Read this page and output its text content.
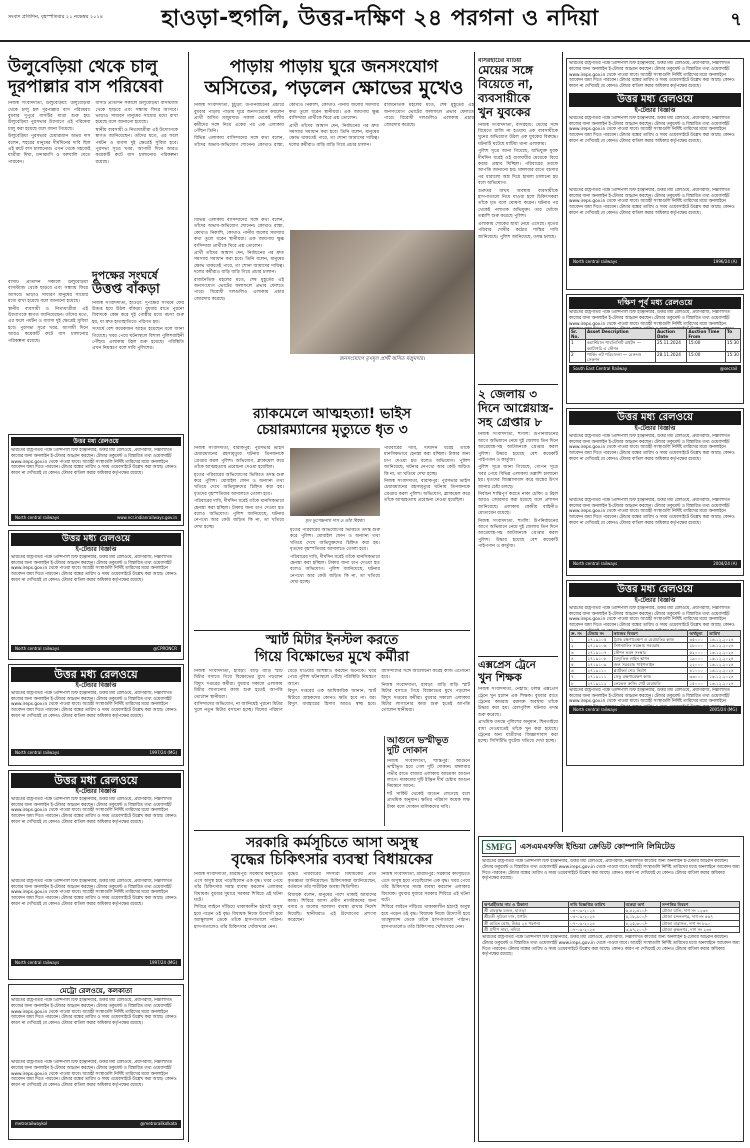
সংবাদ প্রতিদিন, বৃহস্পতিবার ২১ নভেম্বর ২০২৪	হাওড়া-হুগলি, উত্তর-দক্ষিণ ২৪ পরগনা ও নদিয়া	৭
উলুবেড়িয়া থেকে চালু
দূরপাল্লার বাস পরিষেবা
নিজস্ব সংবাদদাতা, উলুবেড়িয়া: উলুবেড়িয়া থেকে চালু হল দূরপাল্লার বাস পরিষেবা। বুধবার দুপুরে বাসটির যাত্রা শুরু হয়। উলুবেড়িয়া পুরসভার উদ্যোগে এই পরিষেবা চালু করা হয়েছে বলে জানা গিয়েছে।
উলুবেড়িয়া পুরসভার চেয়ারম্যান অভয় দাস বলেন, শহরের মানুষের দীর্ঘদিনের দাবি ছিল এই রুটে বাস চালানোর। এখন থেকে সহজেই যাত্রীরা দিঘা, মন্দারমণি ও বকখালি যেতে পারবেন।
বাসটি প্রতিদিন সকালে উলুবেড়িয়া বাসস্ট্যান্ড থেকে ছাড়বে এবং সন্ধ্যায় ফিরে আসবে। ভাড়াও সাধারণ মানুষের সাধ্যের মধ্যে রাখা হয়েছে বলে জানানো হয়েছে।
স্থানীয় ব্যবসায়ী ও নিত্যযাত্রীরা এই উদ্যোগকে স্বাগত জানিয়েছেন। তাঁদের মতে, এর ফলে পর্যটন ও ব্যবসা দুই ক্ষেত্রেই সুবিধা হবে। পুরসভা সূত্রে খবর, আগামী দিনে আরও কয়েকটি রুটে বাস চালানোর পরিকল্পনা রয়েছে।
দুপক্ষের সংঘর্ষে
উত্তপ্ত বাঁকড়া
নিজস্ব সংবাদদাতা, হাওড়া: দুপক্ষের সংঘর্ষে ফের উত্তপ্ত হয়ে উঠল বাঁকড়া। বুধবার রাতে পুরনো বিবাদকে কেন্দ্র করে দুই গোষ্ঠীর মধ্যে বচসা শুরু হয়, যা দ্রুত হাতাহাতিতে পরিণত হয়।
সংঘর্ষে বেশ কয়েকজন আহত হয়েছেন বলে জানা গিয়েছে। খবর পেয়ে ঘটনাস্থলে বিশাল পুলিশবাহিনী পৌঁছয়। এলাকায় টহল শুরু হয়েছে। পরিস্থিতি এখন নিয়ন্ত্রণে বলে দাবি পুলিশের।
বাসটি প্রতিদিন সকালে উলুবেড়িয়া বাসস্ট্যান্ড থেকে ছাড়বে এবং সন্ধ্যায় ফিরে আসবে। ভাড়াও সাধারণ মানুষের সাধ্যের মধ্যে রাখা হয়েছে বলে জানানো হয়েছে।
স্থানীয় ব্যবসায়ী ও নিত্যযাত্রীরা এই উদ্যোগকে স্বাগত জানিয়েছেন। তাঁদের মতে, এর ফলে পর্যটন ও ব্যবসা দুই ক্ষেত্রেই সুবিধা হবে। পুরসভা সূত্রে খবর, আগামী দিনে আরও কয়েকটি রুটে বাস চালানোর পরিকল্পনা রয়েছে।
উত্তর মধ্য রেলওয়ে
ভারতের রাষ্ট্রপতির পক্ষে প্রিন্সিপাল চিফ ইঞ্জিনিয়ার, উত্তর মধ্য রেলওয়ে, প্রয়াগরাজ, নিম্নলিখিত কাজের জন্য অনলাইন ই-টেন্ডার আহ্বান করছেন। টেন্ডার ডকুমেন্ট ও বিস্তারিত তথ্য ওয়েবসাইট www.ireps.gov.in থেকে পাওয়া যাবে। আগ্রহী সংস্থাগুলি নির্দিষ্ট তারিখের মধ্যে অনলাইনে আবেদন জমা দিতে পারবেন। টেন্ডার বন্ধের তারিখ ও সময় ওয়েবসাইটে উল্লেখ করা আছে। কোনও কারণ না দেখিয়েই যে কোনও টেন্ডার বাতিল করার অধিকার কর্তৃপক্ষের রয়েছে।
North central railways	www.ncr.indianrailways.gov.in
উত্তর মধ্য রেলওয়ে
ই-টেন্ডার বিজ্ঞপ্তি
ভারতের রাষ্ট্রপতির পক্ষে প্রিন্সিপাল চিফ ইঞ্জিনিয়ার, উত্তর মধ্য রেলওয়ে, প্রয়াগরাজ, নিম্নলিখিত কাজের জন্য অনলাইন ই-টেন্ডার আহ্বান করছেন। টেন্ডার ডকুমেন্ট ও বিস্তারিত তথ্য ওয়েবসাইট www.ireps.gov.in থেকে পাওয়া যাবে। আগ্রহী সংস্থাগুলি নির্দিষ্ট তারিখের মধ্যে অনলাইনে আবেদন জমা দিতে পারবেন। টেন্ডার বন্ধের তারিখ ও সময় ওয়েবসাইটে উল্লেখ করা আছে। কোনও কারণ না দেখিয়েই যে কোনও টেন্ডার বাতিল করার অধিকার কর্তৃপক্ষের রয়েছে।
North central railways	@CPRONCR
উত্তর মধ্য রেলওয়ে
ই-টেন্ডার বিজ্ঞপ্তি
ভারতের রাষ্ট্রপতির পক্ষে প্রিন্সিপাল চিফ ইঞ্জিনিয়ার, উত্তর মধ্য রেলওয়ে, প্রয়াগরাজ, নিম্নলিখিত কাজের জন্য অনলাইন ই-টেন্ডার আহ্বান করছেন। টেন্ডার ডকুমেন্ট ও বিস্তারিত তথ্য ওয়েবসাইট www.ireps.gov.in থেকে পাওয়া যাবে। আগ্রহী সংস্থাগুলি নির্দিষ্ট তারিখের মধ্যে অনলাইনে আবেদন জমা দিতে পারবেন। টেন্ডার বন্ধের তারিখ ও সময় ওয়েবসাইটে উল্লেখ করা আছে। কোনও কারণ না দেখিয়েই যে কোনও টেন্ডার বাতিল করার অধিকার কর্তৃপক্ষের রয়েছে।
North central railways	1997/24 (MG)
উত্তর মধ্য রেলওয়ে
ই-টেন্ডার বিজ্ঞপ্তি
ভারতের রাষ্ট্রপতির পক্ষে প্রিন্সিপাল চিফ ইঞ্জিনিয়ার, উত্তর মধ্য রেলওয়ে, প্রয়াগরাজ, নিম্নলিখিত কাজের জন্য অনলাইন ই-টেন্ডার আহ্বান করছেন। টেন্ডার ডকুমেন্ট ও বিস্তারিত তথ্য ওয়েবসাইট www.ireps.gov.in থেকে পাওয়া যাবে। আগ্রহী সংস্থাগুলি নির্দিষ্ট তারিখের মধ্যে অনলাইনে আবেদন জমা দিতে পারবেন। টেন্ডার বন্ধের তারিখ ও সময় ওয়েবসাইটে উল্লেখ করা আছে। কোনও কারণ না দেখিয়েই যে কোনও টেন্ডার বাতিল করার অধিকার কর্তৃপক্ষের রয়েছে।
ভারতের রাষ্ট্রপতির পক্ষে প্রিন্সিপাল চিফ ইঞ্জিনিয়ার, উত্তর মধ্য রেলওয়ে, প্রয়াগরাজ, নিম্নলিখিত কাজের জন্য অনলাইন ই-টেন্ডার আহ্বান করছেন। টেন্ডার ডকুমেন্ট ও বিস্তারিত তথ্য ওয়েবসাইট www.ireps.gov.in থেকে পাওয়া যাবে। আগ্রহী সংস্থাগুলি নির্দিষ্ট তারিখের মধ্যে অনলাইনে আবেদন জমা দিতে পারবেন। টেন্ডার বন্ধের তারিখ ও সময় ওয়েবসাইটে উল্লেখ করা আছে। কোনও কারণ না দেখিয়েই যে কোনও টেন্ডার বাতিল করার অধিকার কর্তৃপক্ষের রয়েছে।
North central railways	1997/24 (MG)
মেট্রো রেলওয়ে, কলকাতা
ভারতের রাষ্ট্রপতির পক্ষে প্রিন্সিপাল চিফ ইঞ্জিনিয়ার, উত্তর মধ্য রেলওয়ে, প্রয়াগরাজ, নিম্নলিখিত কাজের জন্য অনলাইন ই-টেন্ডার আহ্বান করছেন। টেন্ডার ডকুমেন্ট ও বিস্তারিত তথ্য ওয়েবসাইট www.ireps.gov.in থেকে পাওয়া যাবে। আগ্রহী সংস্থাগুলি নির্দিষ্ট তারিখের মধ্যে অনলাইনে আবেদন জমা দিতে পারবেন। টেন্ডার বন্ধের তারিখ ও সময় ওয়েবসাইটে উল্লেখ করা আছে। কোনও কারণ না দেখিয়েই যে কোনও টেন্ডার বাতিল করার অধিকার কর্তৃপক্ষের রয়েছে।
ভারতের রাষ্ট্রপতির পক্ষে প্রিন্সিপাল চিফ ইঞ্জিনিয়ার, উত্তর মধ্য রেলওয়ে, প্রয়াগরাজ, নিম্নলিখিত কাজের জন্য অনলাইন ই-টেন্ডার আহ্বান করছেন। টেন্ডার ডকুমেন্ট ও বিস্তারিত তথ্য ওয়েবসাইট www.ireps.gov.in থেকে পাওয়া যাবে। আগ্রহী সংস্থাগুলি নির্দিষ্ট তারিখের মধ্যে অনলাইনে আবেদন জমা দিতে পারবেন। টেন্ডার বন্ধের তারিখ ও সময় ওয়েবসাইটে উল্লেখ করা আছে। কোনও কারণ না দেখিয়েই যে কোনও টেন্ডার বাতিল করার অধিকার কর্তৃপক্ষের রয়েছে।
metrorailwaykol	@metrorailkolkata
পাড়ায় পাড়ায় ঘুরে জনসংযোগ
অসিতের, পড়লেন ক্ষোভের মুখেও
নিজস্ব সংবাদদাতা, চুঁচুড়া: উপনির্বাচনের প্রচারে বুধবার পাড়ায় পাড়ায় ঘুরে জনসংযোগ করলেন প্রার্থী অসিত মজুমদার। সকাল থেকেই দলীয় কর্মীদের সঙ্গে নিয়ে একের পর এক এলাকায় পৌঁছন তিনি।
বিভিন্ন এলাকায় বাসিন্দাদের সঙ্গে কথা বলেন, তাঁদের অভাব-অভিযোগ শোনেন। কোথাও রাস্তা, কোথাও নিকাশি, কোথাও পানীয় জলের সমস্যার কথা তুলে ধরেন স্থানীয়রা। এক জায়গায় ক্ষুব্ধ বাসিন্দারা প্রার্থীকে ঘিরে প্রশ্ন তোলেন।
প্রার্থী তাঁদের আশ্বাস দেন, নির্বাচনের পর দ্রুত সমস্যার সমাধান করা হবে। তিনি বলেন, মানুষের ক্ষোভ থাকতেই পারে, তা শোনা আমাদের দায়িত্ব। দলের কর্মীরাও বাড়ি বাড়ি গিয়ে প্রচার চালান।
রাজনৈতিক মহলের মতে, শেষ মুহূর্তের এই জনসংযোগ ভোটের ফলাফলে প্রভাব ফেলতে পারে। বিরোধী দলগুলিও এলাকায় প্রচার জোরদার করেছে।
বিভিন্ন এলাকায় বাসিন্দাদের সঙ্গে কথা বলেন, তাঁদের অভাব-অভিযোগ শোনেন। কোথাও রাস্তা, কোথাও নিকাশি, কোথাও পানীয় জলের সমস্যার কথা তুলে ধরেন স্থানীয়রা। এক জায়গায় ক্ষুব্ধ বাসিন্দারা প্রার্থীকে ঘিরে প্রশ্ন তোলেন।
প্রার্থী তাঁদের আশ্বাস দেন, নির্বাচনের পর দ্রুত সমস্যার সমাধান করা হবে। তিনি বলেন, মানুষের ক্ষোভ থাকতেই পারে, তা শোনা আমাদের দায়িত্ব। দলের কর্মীরাও বাড়ি বাড়ি গিয়ে প্রচার চালান।
রাজনৈতিক মহলের মতে, শেষ মুহূর্তের এই জনসংযোগ ভোটের ফলাফলে প্রভাব ফেলতে পারে। বিরোধী দলগুলিও এলাকায় প্রচার জোরদার করেছে।
জনসংযোগে তৃণমূল প্রার্থী অসিত মজুমদার।
র‍্যাকমেলে আত্মহত্যা! ভাইস
চেয়ারম্যানের মৃত্যুতে ধৃত ৩
নিজস্ব সংবাদদাতা, বারাকপুর: পুরসভার ভাইস চেয়ারম্যানের রহস্যমৃত্যুর ঘটনায় তিনজনকে গ্রেপ্তার করল পুলিশ। অভিযোগ, ব্ল্যাকমেল করে তাঁকে আত্মহত্যায় প্ররোচনা দেওয়া হয়েছিল।
মৃতের পরিবারের অভিযোগের ভিত্তিতে তদন্ত শুরু করে পুলিশ। মোবাইল ফোন ও অন্যান্য তথ্য খতিয়ে দেখে অভিযুক্তদের চিহ্নিত করা হয়। ধৃতদের বৃহস্পতিবার আদালতে তোলা হবে।
পরিবারের দাবি, দীর্ঘদিন ধরেই তাঁকে মানসিকভাবে হেনস্তা করা হচ্ছিল। টাকার জন্য চাপ দেওয়া হত বলেও অভিযোগ। পুলিশ জানিয়েছে, ঘটনার নেপথ্যে আর কেউ জড়িত কি না, তা খতিয়ে দেখা হচ্ছে।
মৃত ভূপেন্দ্রনাথ দাস ও তাঁর বিধবা।
মৃতের পরিবারের অভিযোগের ভিত্তিতে তদন্ত শুরু করে পুলিশ। মোবাইল ফোন ও অন্যান্য তথ্য খতিয়ে দেখে অভিযুক্তদের চিহ্নিত করা হয়। ধৃতদের বৃহস্পতিবার আদালতে তোলা হবে।
পরিবারের দাবি, দীর্ঘদিন ধরেই তাঁকে মানসিকভাবে হেনস্তা করা হচ্ছিল। টাকার জন্য চাপ দেওয়া হত বলেও অভিযোগ। পুলিশ জানিয়েছে, ঘটনার নেপথ্যে আর কেউ জড়িত কি না, তা খতিয়ে দেখা হচ্ছে।
পরিবারের দাবি, দীর্ঘদিন ধরেই তাঁকে মানসিকভাবে হেনস্তা করা হচ্ছিল। টাকার জন্য চাপ দেওয়া হত বলেও অভিযোগ। পুলিশ জানিয়েছে, ঘটনার নেপথ্যে আর কেউ জড়িত কি না, তা খতিয়ে দেখা হচ্ছে।
নিজস্ব সংবাদদাতা, বারাকপুর: পুরসভার ভাইস চেয়ারম্যানের রহস্যমৃত্যুর ঘটনায় তিনজনকে গ্রেপ্তার করল পুলিশ। অভিযোগ, ব্ল্যাকমেল করে তাঁকে আত্মহত্যায় প্ররোচনা দেওয়া হয়েছিল।
স্মার্ট মিটার ইনস্টল করতে
গিয়ে বিক্ষোভের মুখে কর্মীরা
নিজস্ব সংবাদদাতা, হাবড়া: বাড়ি বাড়ি স্মার্ট মিটার বসাতে গিয়ে বিক্ষোভের মুখে পড়লেন বিদ্যুৎ দপ্তরের কর্মীরা। বুধবার সকালে এলাকায় মিটার লাগানোর কাজ শুরু হতেই আপত্তি তোলেন স্থানীয়রা।
বাসিন্দাদের অভিযোগ, না জানিয়েই পুরনো মিটার খুলে নতুন মিটার বসানো হচ্ছে। বিলের পরিমাণ বেড়ে যাওয়ার আশঙ্কাও করছেন অনেকে। খবর পেয়ে পুলিশ ঘটনাস্থলে পৌঁছে পরিস্থিতি নিয়ন্ত্রণে আনে।
বিদ্যুৎ দপ্তরের এক আধিকারিক জানান, স্মার্ট মিটারে গ্রাহকদের কোনও ক্ষতি হবে না। বরং বিদ্যুৎ ব্যবহারের হিসাব আরও স্বচ্ছ হবে। বাসিন্দাদের সঙ্গে আলোচনা করেই কাজ এগোনো হবে।
নিজস্ব সংবাদদাতা, হাবড়া: বাড়ি বাড়ি স্মার্ট মিটার বসাতে গিয়ে বিক্ষোভের মুখে পড়লেন বিদ্যুৎ দপ্তরের কর্মীরা। বুধবার সকালে এলাকায় মিটার লাগানোর কাজ শুরু হতেই আপত্তি তোলেন স্থানীয়রা।
আগুনে ভস্মীভূত
দুটি দোকান
নিজস্ব সংবাদদাতা, শান্তিপুর: আগুনে ভস্মীভূত হয়ে গেল দুটি দোকান। মঙ্গলবার গভীর রাতে বাজার এলাকায় আচমকা আগুন লাগে। দমকলের দুটি ইঞ্জিন দীর্ঘ চেষ্টায় আগুন নিয়ন্ত্রণে আনে।
শর্ট সার্কিট থেকেই আগুন লেগেছে বলে প্রাথমিক অনুমান। ক্ষতির পরিমাণ কয়েক লক্ষ টাকা বলে দোকান মালিকদের দাবি।
সরকারি কর্মসূচিতে আসা অসুস্থ
বৃদ্ধের চিকিৎসার ব্যবস্থা বিধায়কের
নিজস্ব সংবাদদাতা, শ্রীরামপুর: সরকারি কর্মসূচিতে এসে অসুস্থ হয়ে পড়েছিলেন এক বৃদ্ধ। খবর পেয়ে তাঁর চিকিৎসার সমস্ত ব্যবস্থা করলেন এলাকার বিধায়ক। বুধবার দুয়ারে সরকার শিবিরে এই ঘটনা ঘটে।
শিবিরে লাইনে দাঁড়িয়ে থাকাকালীন হঠাৎই অসুস্থ হয়ে পড়েন ওই বৃদ্ধ। বিধায়ক নিজে উদ্যোগী হয়ে অ্যাম্বুল্যান্স ডেকে তাঁকে হাসপাতালে পাঠান। হাসপাতালেও তাঁর চিকিৎসার খোঁজখবর নেন।
বৃদ্ধের পরিবারের সদস্যরা বিধায়কের প্রতি কৃতজ্ঞতা জানিয়েছেন। চিকিৎসকরা জানিয়েছেন, বর্তমানে তাঁর শারীরিক অবস্থা স্থিতিশীল।
বিধায়ক বলেন, মানুষের পাশে থাকাই আমাদের কাজ। শিবিরে আসা প্রবীণ নাগরিকদের জন্য বসার ও জলের আলাদা ব্যবস্থা রাখার নির্দেশ দিয়েছি। স্থানীয়রাও এই উদ্যোগের প্রশংসা করেছেন।
নিজস্ব সংবাদদাতা, শ্রীরামপুর: সরকারি কর্মসূচিতে এসে অসুস্থ হয়ে পড়েছিলেন এক বৃদ্ধ। খবর পেয়ে তাঁর চিকিৎসার সমস্ত ব্যবস্থা করলেন এলাকার বিধায়ক। বুধবার দুয়ারে সরকার শিবিরে এই ঘটনা ঘটে।
শিবিরে লাইনে দাঁড়িয়ে থাকাকালীন হঠাৎই অসুস্থ হয়ে পড়েন ওই বৃদ্ধ। বিধায়ক নিজে উদ্যোগী হয়ে অ্যাম্বুল্যান্স ডেকে তাঁকে হাসপাতালে পাঠান। হাসপাতালেও তাঁর চিকিৎসার খোঁজখবর নেন।
বসিরহাটের মাটিয়া
মেয়ের সঙ্গে
বিয়েতে না,
ব্যবসায়ীকে
খুন যুবকের
নিজস্ব সংবাদদাতা, বসিরহাট: মেয়ের সঙ্গে বিয়েতে রাজি না হওয়ায় এক ব্যবসায়ীকে খুনের অভিযোগ উঠল এক যুবকের বিরুদ্ধে। ঘটনাটি ঘটেছে মাটিয়া থানা এলাকায়।
পুলিশ সূত্রে জানা গিয়েছে, অভিযুক্ত যুবক দীর্ঘদিন ধরেই ওই ব্যবসায়ীর মেয়েকে বিয়ে করার প্রস্তাব দিচ্ছিল। পরিবারের তরফে আপত্তি জানানো হয়। মঙ্গলবার রাতে বচসার পর ধারালো অস্ত্র দিয়ে হামলা চালানো হয় বলে অভিযোগ।
গুরুতর জখম অবস্থায় ব্যবসায়ীকে হাসপাতালে নিয়ে যাওয়া হলে চিকিৎসকরা তাঁকে মৃত বলে ঘোষণা করেন। ঘটনার পর থেকেই পলাতক অভিযুক্ত। তার খোঁজে তল্লাশি শুরু করেছে পুলিশ।
এলাকায় শোকের ছায়া নেমে এসেছে। মৃতের পরিবার দোষীর কঠোর শাস্তির দাবি জানিয়েছে। পুলিশ জানিয়েছে, তদন্ত চলছে।
২ জেলায় ৩
দিনে আগ্নেয়াস্ত্র-
সহ গ্রেপ্তার ৮
নিজস্ব সংবাদদাতা, হুগলি: উপনির্বাচনের আগে অভিযানে নেমে দুই জেলায় তিন দিনে আগ্নেয়াস্ত্র-সহ আটজনকে গ্রেপ্তার করল পুলিশ। উদ্ধার হয়েছে বেশ কয়েকটি পাইপগান ও কার্তুজ।
পুলিশ সূত্রে জানা গিয়েছে, গোপন সূত্রে খবর পেয়ে বিভিন্ন এলাকায় তল্লাশি চালানো হয়। ধৃতদের জিজ্ঞাসাবাদ করে অস্ত্রের উৎস জানার চেষ্টা চলছে।
নির্বাচন শান্তিপূর্ণ করতে নাকা চেকিং ও টহল আরও জোরদার করা হয়েছে বলে প্রশাসন জানিয়েছে। এলাকায় কেন্দ্রীয় বাহিনীও মোতায়েন রয়েছে।
নিজস্ব সংবাদদাতা, হুগলি: উপনির্বাচনের আগে অভিযানে নেমে দুই জেলায় তিন দিনে আগ্নেয়াস্ত্র-সহ আটজনকে গ্রেপ্তার করল পুলিশ। উদ্ধার হয়েছে বেশ কয়েকটি পাইপগান ও কার্তুজ।
এক্সপ্রেস ট্রেনে
খুন শিক্ষক
নিজস্ব সংবাদদাতা, নৈহাটি: চলন্ত এক্সপ্রেস ট্রেনে খুন হলেন এক শিক্ষক। বুধবার রাতে ট্রেনের কামরায় রক্তাক্ত অবস্থায় তাঁকে উদ্ধার করা হয়। রেলপুলিশ ঘটনার তদন্ত শুরু করেছে।
প্রাথমিক তদন্তে পুলিশের অনুমান, ছিনতাইয়ে বাধা দেওয়াতেই তাঁকে খুন করা হয়েছে। ট্রেনের অন্য যাত্রীদের জিজ্ঞাসাবাদ করা হচ্ছে। সিসিটিভি ফুটেজ খতিয়ে দেখা হচ্ছে।
ভারতের রাষ্ট্রপতির পক্ষে প্রিন্সিপাল চিফ ইঞ্জিনিয়ার, উত্তর মধ্য রেলওয়ে, প্রয়াগরাজ, নিম্নলিখিত কাজের জন্য অনলাইন ই-টেন্ডার আহ্বান করছেন। টেন্ডার ডকুমেন্ট ও বিস্তারিত তথ্য ওয়েবসাইট www.ireps.gov.in থেকে পাওয়া যাবে। আগ্রহী সংস্থাগুলি নির্দিষ্ট তারিখের মধ্যে অনলাইনে আবেদন জমা দিতে পারবেন। টেন্ডার বন্ধের তারিখ ও সময় ওয়েবসাইটে উল্লেখ করা আছে। কোনও কারণ না দেখিয়েই যে কোনও টেন্ডার বাতিল করার অধিকার কর্তৃপক্ষের রয়েছে।
উত্তর মধ্য রেলওয়ে
ই-টেন্ডার বিজ্ঞপ্তি
ভারতের রাষ্ট্রপতির পক্ষে প্রিন্সিপাল চিফ ইঞ্জিনিয়ার, উত্তর মধ্য রেলওয়ে, প্রয়াগরাজ, নিম্নলিখিত কাজের জন্য অনলাইন ই-টেন্ডার আহ্বান করছেন। টেন্ডার ডকুমেন্ট ও বিস্তারিত তথ্য ওয়েবসাইট www.ireps.gov.in থেকে পাওয়া যাবে। আগ্রহী সংস্থাগুলি নির্দিষ্ট তারিখের মধ্যে অনলাইনে আবেদন জমা দিতে পারবেন। টেন্ডার বন্ধের তারিখ ও সময় ওয়েবসাইটে উল্লেখ করা আছে। কোনও কারণ না দেখিয়েই যে কোনও টেন্ডার বাতিল করার অধিকার কর্তৃপক্ষের রয়েছে।
ভারতের রাষ্ট্রপতির পক্ষে প্রিন্সিপাল চিফ ইঞ্জিনিয়ার, উত্তর মধ্য রেলওয়ে, প্রয়াগরাজ, নিম্নলিখিত কাজের জন্য অনলাইন ই-টেন্ডার আহ্বান করছেন। টেন্ডার ডকুমেন্ট ও বিস্তারিত তথ্য ওয়েবসাইট www.ireps.gov.in থেকে পাওয়া যাবে। আগ্রহী সংস্থাগুলি নির্দিষ্ট তারিখের মধ্যে অনলাইনে আবেদন জমা দিতে পারবেন। টেন্ডার বন্ধের তারিখ ও সময় ওয়েবসাইটে উল্লেখ করা আছে। কোনও কারণ না দেখিয়েই যে কোনও টেন্ডার বাতিল করার অধিকার কর্তৃপক্ষের রয়েছে।
North central railways	1996/24 (A)
দক্ষিণ পূর্ব মধ্য রেলওয়ে
ভারতের রাষ্ট্রপতির পক্ষে প্রিন্সিপাল চিফ ইঞ্জিনিয়ার, উত্তর মধ্য রেলওয়ে, প্রয়াগরাজ, নিম্নলিখিত কাজের জন্য অনলাইন ই-টেন্ডার আহ্বান করছেন। টেন্ডার ডকুমেন্ট ও বিস্তারিত তথ্য ওয়েবসাইট www.ireps.gov.in থেকে পাওয়া যাবে। আগ্রহী সংস্থাগুলি নির্দিষ্ট তারিখের মধ্যে অনলাইনে
Sr. No.	Asset Description	Auction Date	Auction Time From	To
1	কমার্শিয়াল পাবলিসিটি রাইটস — ক্যাটাগরি এ স্টেশন	25.11.2024	15:00	15:30
2	পার্কিং লট পরিচালনা — মেরুদণ্ড সেকশন	28.11.2024	15:00	15:30
South East Central Railway	@secrail
উত্তর মধ্য রেলওয়ে
ই-টেন্ডার বিজ্ঞপ্তি
ভারতের রাষ্ট্রপতির পক্ষে প্রিন্সিপাল চিফ ইঞ্জিনিয়ার, উত্তর মধ্য রেলওয়ে, প্রয়াগরাজ, নিম্নলিখিত কাজের জন্য অনলাইন ই-টেন্ডার আহ্বান করছেন। টেন্ডার ডকুমেন্ট ও বিস্তারিত তথ্য ওয়েবসাইট www.ireps.gov.in থেকে পাওয়া যাবে। আগ্রহী সংস্থাগুলি নির্দিষ্ট তারিখের মধ্যে অনলাইনে আবেদন জমা দিতে পারবেন। টেন্ডার বন্ধের তারিখ ও সময় ওয়েবসাইটে উল্লেখ করা আছে। কোনও কারণ না দেখিয়েই যে কোনও টেন্ডার বাতিল করার অধিকার কর্তৃপক্ষের রয়েছে।
ভারতের রাষ্ট্রপতির পক্ষে প্রিন্সিপাল চিফ ইঞ্জিনিয়ার, উত্তর মধ্য রেলওয়ে, প্রয়াগরাজ, নিম্নলিখিত কাজের জন্য অনলাইন ই-টেন্ডার আহ্বান করছেন। টেন্ডার ডকুমেন্ট ও বিস্তারিত তথ্য ওয়েবসাইট www.ireps.gov.in থেকে পাওয়া যাবে। আগ্রহী সংস্থাগুলি নির্দিষ্ট তারিখের মধ্যে অনলাইনে আবেদন জমা দিতে পারবেন। টেন্ডার বন্ধের তারিখ ও সময় ওয়েবসাইটে উল্লেখ করা আছে। কোনও কারণ না দেখিয়েই যে কোনও টেন্ডার বাতিল করার অধিকার কর্তৃপক্ষের রয়েছে।
North central railways	2004/24 (A)
উত্তর মধ্য রেলওয়ে
ই-টেন্ডার বিজ্ঞপ্তি
ভারতের রাষ্ট্রপতির পক্ষে প্রিন্সিপাল চিফ ইঞ্জিনিয়ার, উত্তর মধ্য রেলওয়ে, প্রয়াগরাজ, নিম্নলিখিত কাজের জন্য অনলাইন ই-টেন্ডার আহ্বান করছেন। টেন্ডার ডকুমেন্ট ও বিস্তারিত তথ্য ওয়েবসাইট www.ireps.gov.in থেকে পাওয়া যাবে। আগ্রহী সংস্থাগুলি নির্দিষ্ট তারিখের মধ্যে অনলাইনে আবেদন জমা দিতে পারবেন। টেন্ডার বন্ধের তারিখ ও সময় ওয়েবসাইটে উল্লেখ করা আছে। কোনও
ক্র. নং	টেন্ডার নং	কাজের বিবরণ	অর্থমূল্য	তারিখ
১	২৭১৯১০৫	ট্র্যাক রক্ষণাবেক্ষণ ও মেরামতির কাজ	৩৫০০০	১৬.১২.২০২৪
২	২৭১৯১০৬	সিগন্যালিং সরঞ্জাম সরবরাহ	২৮০০০	১৬.১২.২০২৪
৩	২৭১৯১০৭	স্টেশন ভবন সংস্কার	৫২০০০	১৬.১২.২০২৪
৪	২৭১৯১০৮	বৈদ্যুতিক লাইন স্থাপন	১৯০০০	১৬.১২.২০২৪
৫	২৭১৯১০৯	জল সরবরাহ পাইপলাইন	২২০০০	১৬.১২.২০২৪
৬	২৭১৯১১০	প্ল্যাটফর্ম শেড নির্মাণ	৪১০০০	১৬.১২.২০২৪
৭	২৭১৯১১১	সেতু রক্ষণাবেক্ষণ কাজ	৩৩০০০	১৬.১২.২০২৪
৮	২৭১৯১১২	লেভেল ক্রসিং গেট মেরামতি	১৫০০০	১৬.১২.২০২৪
ভারতের রাষ্ট্রপতির পক্ষে প্রিন্সিপাল চিফ ইঞ্জিনিয়ার, উত্তর মধ্য রেলওয়ে, প্রয়াগরাজ, নিম্নলিখিত কাজের জন্য অনলাইন ই-টেন্ডার আহ্বান করছেন। টেন্ডার ডকুমেন্ট ও বিস্তারিত তথ্য ওয়েবসাইট www.ireps.gov.in থেকে পাওয়া যাবে। আগ্রহী সংস্থাগুলি নির্দিষ্ট তারিখের মধ্যে অনলাইনে
North central railways	2005/24 (MG)
SMFG	এসএমএফজি ইন্ডিয়া ক্রেডিট কোম্পানি লিমিটেড
ভারতের রাষ্ট্রপতির পক্ষে প্রিন্সিপাল চিফ ইঞ্জিনিয়ার, উত্তর মধ্য রেলওয়ে, প্রয়াগরাজ, নিম্নলিখিত কাজের জন্য অনলাইন ই-টেন্ডার আহ্বান করছেন। টেন্ডার ডকুমেন্ট ও বিস্তারিত তথ্য ওয়েবসাইট www.ireps.gov.in থেকে পাওয়া যাবে। আগ্রহী সংস্থাগুলি নির্দিষ্ট তারিখের মধ্যে অনলাইনে আবেদন জমা দিতে পারবেন। টেন্ডার বন্ধের তারিখ ও সময় ওয়েবসাইটে উল্লেখ করা আছে। কোনও কারণ না দেখিয়েই যে কোনও টেন্ডার বাতিল করার অধিকার কর্তৃপক্ষের রয়েছে।
ঋণগ্রহীতার নাম ও ঠিকানা	দাবি বিজ্ঞপ্তির তারিখ	বকেয়া অর্থ	সম্পত্তির বিবরণ
শ্রী রামকৃষ্ণ মণ্ডল, হাওড়া	০৪-০৯-২০২৪	৬,৪২,৩১০/-	মৌজা বালি, দাগ নং ১২৩৪
শ্রীমতী সুমিতা দাস, হুগলি	০৪-০৯-২০২৪	৪,১৮,৯০০/-	মৌজা চন্দননগর, দাগ নং ৫৬৭
শ্রী অমিত ঘোষ, উত্তর ২৪ পরগনা	০৭-০৯-২০২৪	৮,২৫,৬০০/-	মৌজা বারাসত, দাগ নং ৮৯০
শ্রী প্রদীপ সাহা, নদিয়া	০৭-০৯-২০২৪	৩,৯৭,২০০/-	মৌজা কৃষ্ণনগর, দাগ নং ২৩৪
ভারতের রাষ্ট্রপতির পক্ষে প্রিন্সিপাল চিফ ইঞ্জিনিয়ার, উত্তর মধ্য রেলওয়ে, প্রয়াগরাজ, নিম্নলিখিত কাজের জন্য অনলাইন ই-টেন্ডার আহ্বান করছেন। টেন্ডার ডকুমেন্ট ও বিস্তারিত তথ্য ওয়েবসাইট www.ireps.gov.in থেকে পাওয়া যাবে। আগ্রহী সংস্থাগুলি নির্দিষ্ট তারিখের মধ্যে অনলাইনে আবেদন জমা দিতে পারবেন। টেন্ডার বন্ধের তারিখ ও সময় ওয়েবসাইটে উল্লেখ করা আছে। কোনও কারণ না দেখিয়েই যে কোনও টেন্ডার বাতিল করার অধিকার কর্তৃপক্ষের রয়েছে।
